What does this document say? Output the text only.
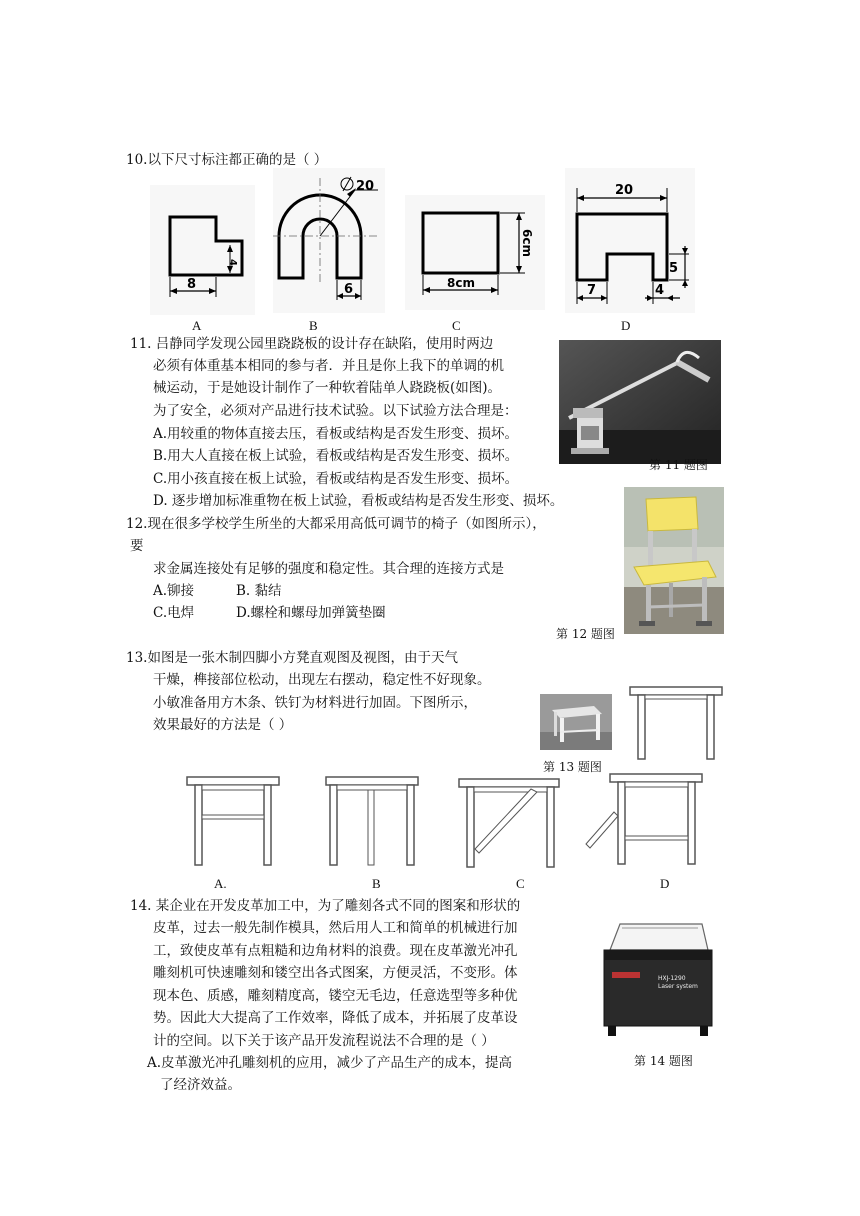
10.以下尺寸标注都正确的是（ ）
8
4
A
20
6
B
8cm
6cm
C
20
7	4
5
D
11. 吕静同学发现公园里跷跷板的设计存在缺陷，使用时两边
必须有体重基本相同的参与者．并且是你上我下的单调的机
械运动，于是她设计制作了一种软着陆单人跷跷板(如图)。
为了安全，必须对产品进行技术试验。以下试验方法合理是：
A.用较重的物体直接去压，看板或结构是否发生形变、损坏。
B.用大人直接在板上试验，看板或结构是否发生形变、损坏。
C.用小孩直接在板上试验，看板或结构是否发生形变、损坏。
D. 逐步增加标准重物在板上试验，看板或结构是否发生形变、损坏。
第 11 题图
12.现在很多学校学生所坐的大都采用高低可调节的椅子（如图所示），
要
求金属连接处有足够的强度和稳定性。其合理的连接方式是
A.铆接	B. 黏结
C.电焊	D.螺栓和螺母加弹簧垫圈
第 12 题图
13.如图是一张木制四脚小方凳直观图及视图，由于天气
干燥，榫接部位松动，出现左右摆动，稳定性不好现象。
小敏准备用方木条、铁钉为材料进行加固。下图所示，
效果最好的方法是（ ）
第 13 题图
A.	B	C	D
14. 某企业在开发皮革加工中，为了雕刻各式不同的图案和形状的
皮革，过去一般先制作模具，然后用人工和简单的机械进行加
工，致使皮革有点粗糙和边角材料的浪费。现在皮革激光冲孔
雕刻机可快速雕刻和镂空出各式图案，方便灵活，不变形。体
现本色、质感，雕刻精度高，镂空无毛边，任意选型等多种优
势。因此大大提高了工作效率，降低了成本，并拓展了皮革设
计的空间。以下关于该产品开发流程说法不合理的是（ ）
A.皮革激光冲孔雕刻机的应用，减少了产品生产的成本，提高
了经济效益。
HXJ-1290
Laser system
第 14 题图
